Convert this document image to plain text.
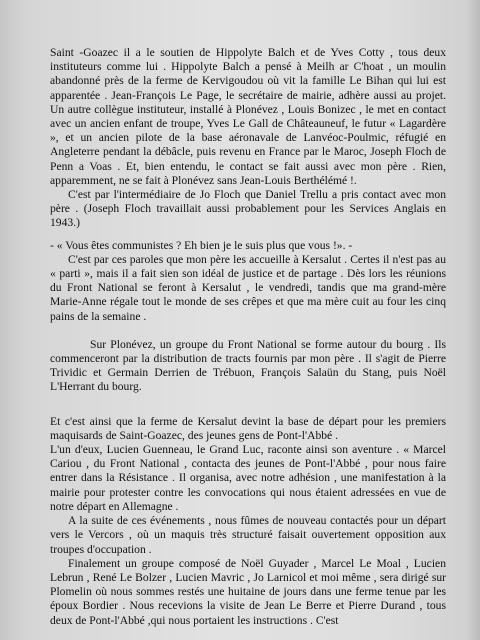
Saint -Goazec il a le soutien de Hippolyte Balch et de Yves Cotty , tous deux instituteurs comme lui . Hippolyte Balch a pensé à Meilh ar C'hoat , un moulin abandonné près de la ferme de Kervigoudou où vit la famille Le Bihan qui lui est apparentée . Jean-François Le Page, le secrétaire de mairie, adhère aussi au projet. Un autre collègue instituteur, installé à Plonévez , Louis Bonizec , le met en contact avec un ancien enfant de troupe, Yves Le Gall de Châteauneuf, le futur « Lagardère », et un ancien pilote de la base aéronavale de Lanvéoc-Poulmic, réfugié en Angleterre pendant la débâcle, puis revenu en France par le Maroc, Joseph Floch de Penn a Voas . Et, bien entendu, le contact se fait aussi avec mon père . Rien, apparemment, ne se fait à Plonévez sans Jean-Louis Berthélémé !.

C'est par l'intermédiaire de Jo Floch que Daniel Trellu a pris contact avec mon père . (Joseph Floch travaillait aussi probablement pour les Services Anglais en 1943.)

- « Vous êtes communistes ? Eh bien je le suis plus que vous !». -

C'est par ces paroles que mon père les accueille à Kersalut . Certes il n'est pas au « parti », mais il a fait sien son idéal de justice et de partage . Dès lors les réunions du Front National se feront à Kersalut , le vendredi, tandis que ma grand-mère Marie-Anne régale tout le monde de ses crêpes et que ma mère cuit au four les cinq pains de la semaine .

Sur Plonévez, un groupe du Front National se forme autour du bourg . Ils commenceront par la distribution de tracts fournis par mon père . Il s'agit de Pierre Trividic et Germain Derrien de Trébuon, François Salaün du Stang, puis Noël L'Herrant du bourg.

Et c'est ainsi que la ferme de Kersalut devint la base de départ pour les premiers maquisards de Saint-Goazec, des jeunes gens de Pont-l'Abbé .

L'un d'eux, Lucien Guenneau, le Grand Luc, raconte ainsi son aventure . « Marcel Cariou , du Front National , contacta des jeunes de Pont-l'Abbé , pour nous faire entrer dans la Résistance . Il organisa, avec notre adhésion , une manifestation à la mairie pour protester contre les convocations qui nous étaient adressées en vue de notre départ en Allemagne .

A la suite de ces événements , nous fûmes de nouveau contactés pour un départ vers le Vercors , où un maquis très structuré faisait ouvertement opposition aux troupes d'occupation .

Finalement un groupe composé de Noël Guyader , Marcel Le Moal , Lucien Lebrun , René Le Bolzer , Lucien Mavric , Jo Larnicol et moi même , sera dirigé sur Plomelin où nous sommes restés une huitaine de jours dans une ferme tenue par les époux Bordier . Nous recevions la visite de Jean Le Berre et Pierre Durand , tous deux de Pont-l'Abbé ,qui nous portaient les instructions . C'est
